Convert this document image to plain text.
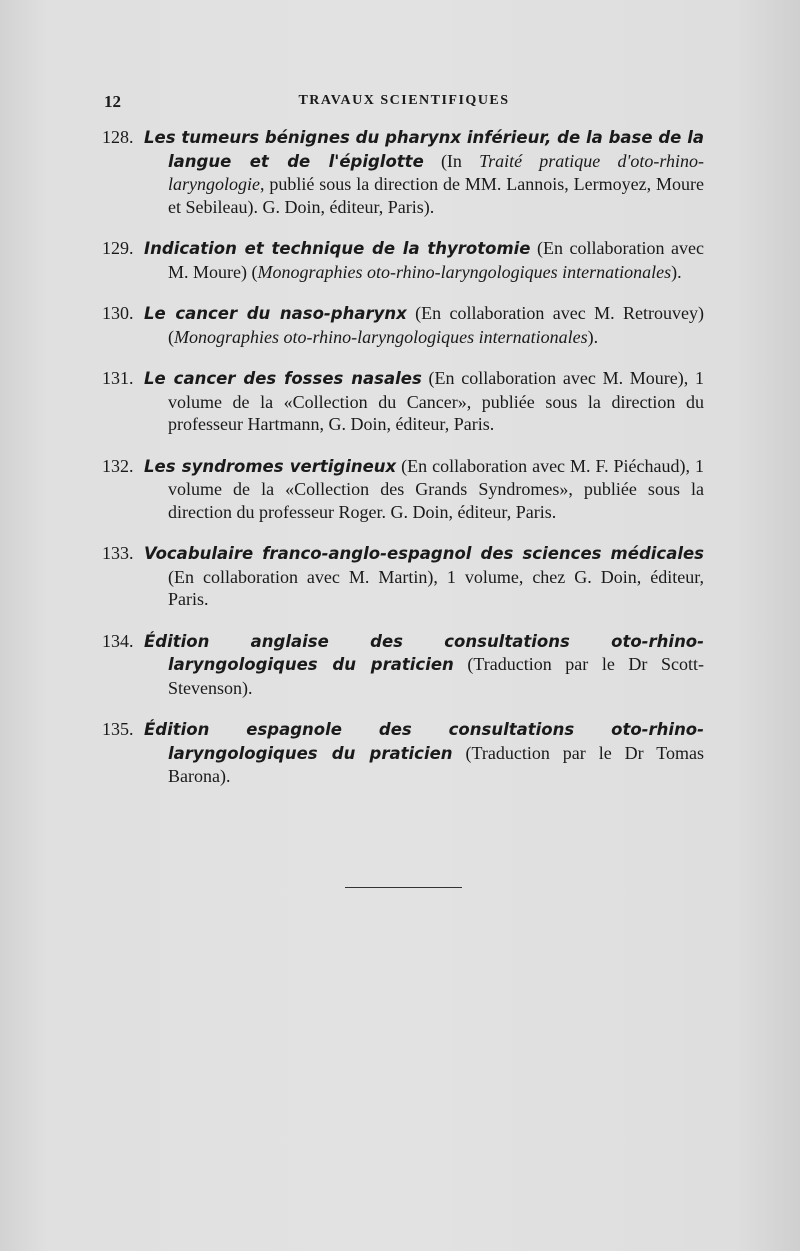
12	TRAVAUX SCIENTIFIQUES
128 . Les tumeurs bénignes du pharynx inférieur, de la base de la langue et de l'épiglotte (In Traité pratique d'oto-rhino-laryngologie, publié sous la direction de MM. Lannois, Lermoyez, Moure et Sebileau). G. Doin, éditeur, Paris).
129 . Indication et technique de la thyrotomie (En collaboration avec M. Moure) (Monographies oto-rhino-laryngologiques internationales).
130 . Le cancer du naso-pharynx (En collaboration avec M. Retrouvey) (Monographies oto-rhino-laryngologiques internationales).
131 . Le cancer des fosses nasales (En collaboration avec M. Moure), 1 volume de la «Collection du Cancer», publiée sous la direction du professeur Hartmann, G. Doin, éditeur, Paris.
132 . Les syndromes vertigineux (En collaboration avec M. F. Piéchaud), 1 volume de la «Collection des Grands Syndromes», publiée sous la direction du professeur Roger. G. Doin, éditeur, Paris.
133 . Vocabulaire franco-anglo-espagnol des sciences médicales (En collaboration avec M. Martin), 1 volume, chez G. Doin, éditeur, Paris.
134 . Édition anglaise des consultations oto-rhino-laryngologiques du praticien (Traduction par le Dr Scott-Stevenson).
135 . Édition espagnole des consultations oto-rhino-laryngologiques du praticien (Traduction par le Dr Tomas Barona).
